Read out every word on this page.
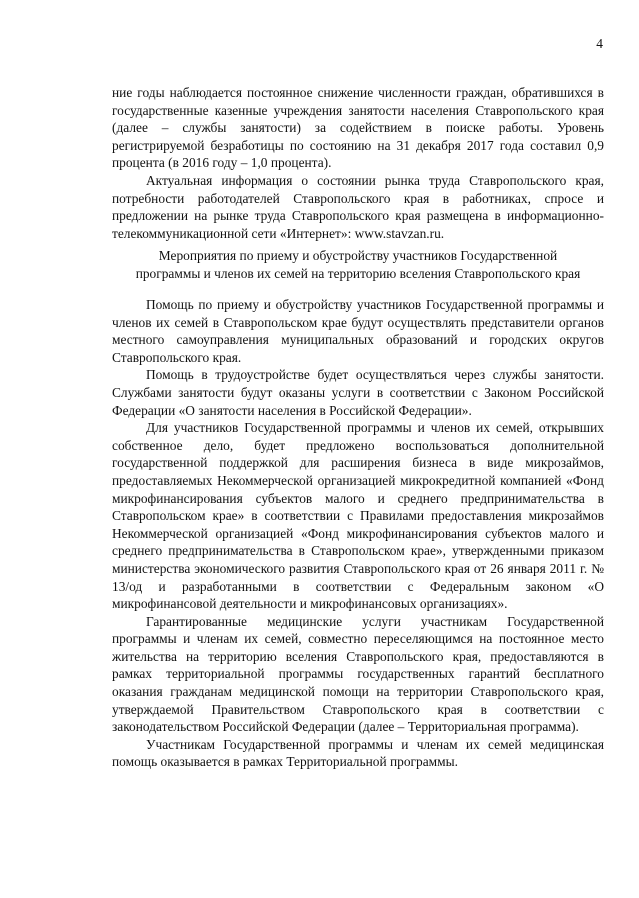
4

ние годы наблюдается постоянное снижение численности граждан, обратившихся в государственные казенные учреждения занятости населения Ставропольского края (далее – службы занятости) за содействием в поиске работы. Уровень регистрируемой безработицы по состоянию на 31 декабря 2017 года составил 0,9 процента (в 2016 году – 1,0 процента).

Актуальная информация о состоянии рынка труда Ставропольского края, потребности работодателей Ставропольского края в работниках, спросе и предложении на рынке труда Ставропольского края размещена в информационно-телекоммуникационной сети «Интернет»: www.stavzan.ru.

Мероприятия по приему и обустройству участников Государственной
программы и членов их семей на территорию вселения Ставропольского края

Помощь по приему и обустройству участников Государственной программы и членов их семей в Ставропольском крае будут осуществлять представители органов местного самоуправления муниципальных образований и городских округов Ставропольского края.

Помощь в трудоустройстве будет осуществляться через службы занятости. Службами занятости будут оказаны услуги в соответствии с Законом Российской Федерации «О занятости населения в Российской Федерации».

Для участников Государственной программы и членов их семей, открывших собственное дело, будет предложено воспользоваться дополнительной государственной поддержкой для расширения бизнеса в виде микрозаймов, предоставляемых Некоммерческой организацией микрокредитной компанией «Фонд микрофинансирования субъектов малого и среднего предпринимательства в Ставропольском крае» в соответствии с Правилами предоставления микрозаймов Некоммерческой организацией «Фонд микрофинансирования субъектов малого и среднего предпринимательства в Ставропольском крае», утвержденными приказом министерства экономического развития Ставропольского края от 26 января 2011 г. № 13/од и разработанными в соответствии с Федеральным законом «О микрофинансовой деятельности и микрофинансовых организациях».

Гарантированные медицинские услуги участникам Государственной программы и членам их семей, совместно переселяющимся на постоянное место жительства на территорию вселения Ставропольского края, предоставляются в рамках территориальной программы государственных гарантий бесплатного оказания гражданам медицинской помощи на территории Ставропольского края, утверждаемой Правительством Ставропольского края в соответствии с законодательством Российской Федерации (далее – Территориальная программа).

Участникам Государственной программы и членам их семей медицинская помощь оказывается в рамках Территориальной программы.
